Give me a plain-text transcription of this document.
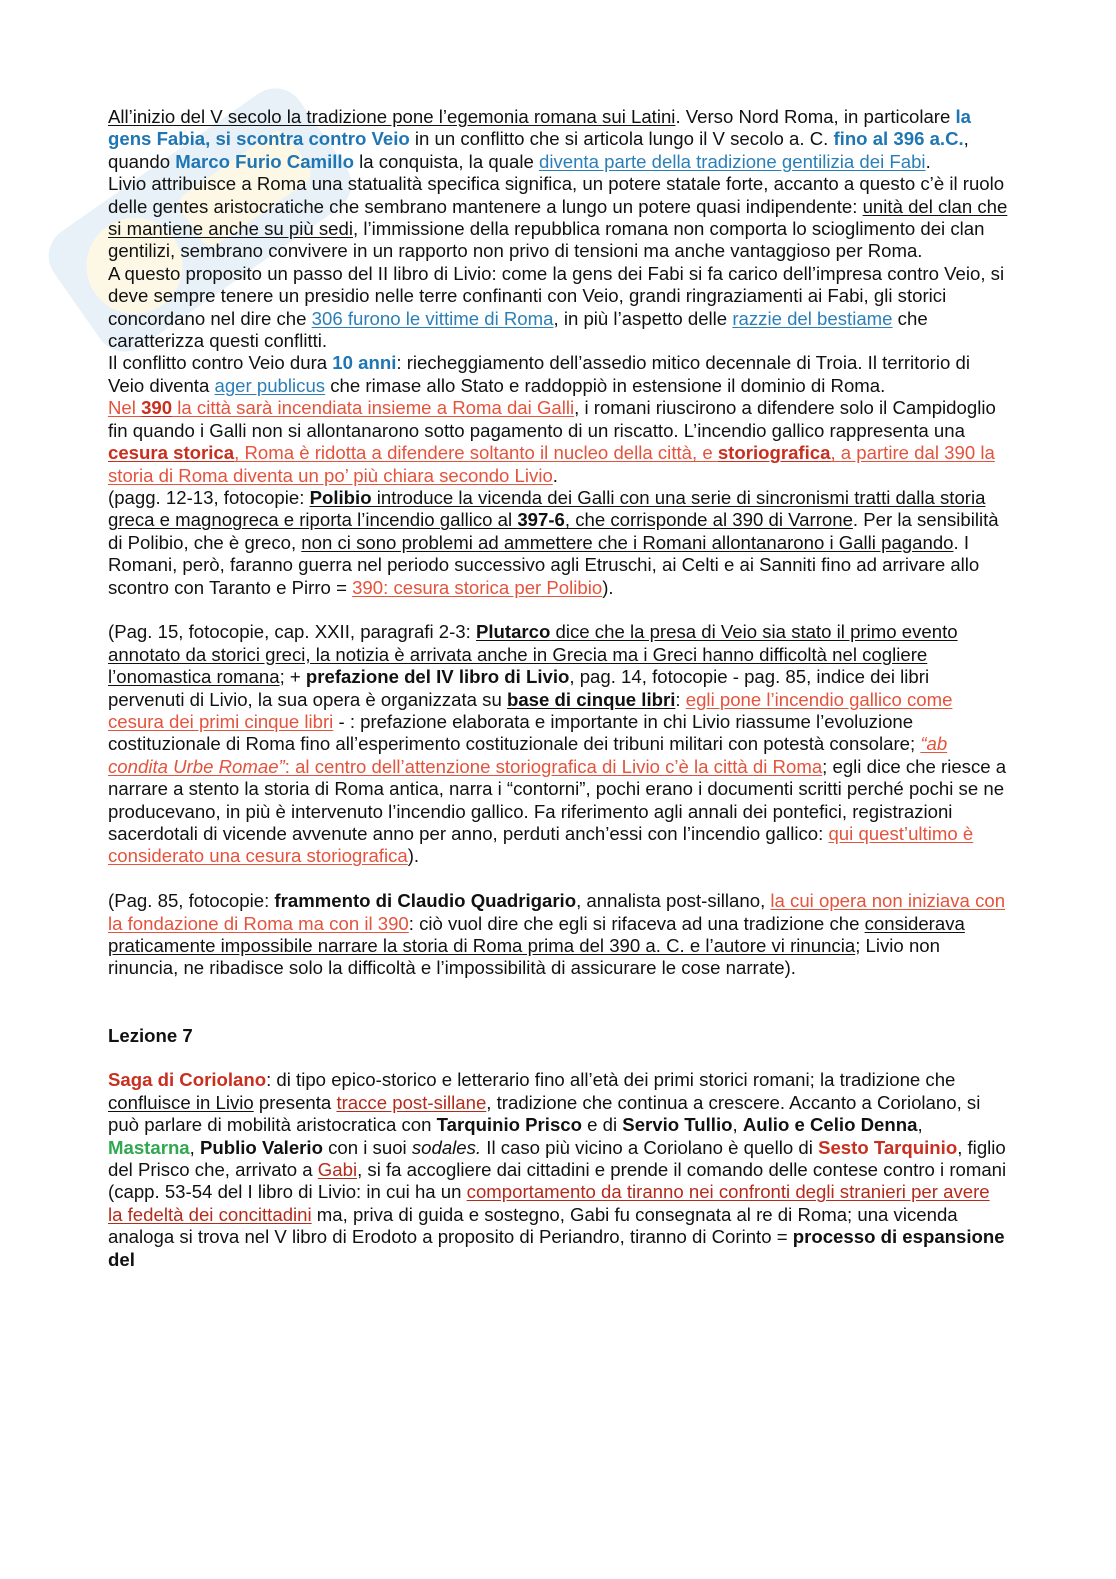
All’inizio del V secolo la tradizione pone l’egemonia romana sui Latini. Verso Nord Roma, in particolare la gens Fabia, si scontra contro Veio in un conflitto che si articola lungo il V secolo a. C. fino al 396 a.C., quando Marco Furio Camillo la conquista, la quale diventa parte della tradizione gentilizia dei Fabi.
Livio attribuisce a Roma una statualità specifica significa, un potere statale forte, accanto a questo c’è il ruolo delle gentes aristocratiche che sembrano mantenere a lungo un potere quasi indipendente: unità del clan che si mantiene anche su più sedi, l’immissione della repubblica romana non comporta lo scioglimento dei clan gentilizi, sembrano convivere in un rapporto non privo di tensioni ma anche vantaggioso per Roma.
A questo proposito un passo del II libro di Livio: come la gens dei Fabi si fa carico dell’impresa contro Veio, si deve sempre tenere un presidio nelle terre confinanti con Veio, grandi ringraziamenti ai Fabi, gli storici concordano nel dire che 306 furono le vittime di Roma, in più l’aspetto delle razzie del bestiame che caratterizza questi conflitti.
Il conflitto contro Veio dura 10 anni: riecheggiamento dell’assedio mitico decennale di Troia. Il territorio di Veio diventa ager publicus che rimase allo Stato e raddoppiò in estensione il dominio di Roma.
Nel 390 la città sarà incendiata insieme a Roma dai Galli, i romani riuscirono a difendere solo il Campidoglio fin quando i Galli non si allontanarono sotto pagamento di un riscatto. L’incendio gallico rappresenta una cesura storica, Roma è ridotta a difendere soltanto il nucleo della città, e storiografica, a partire dal 390 la storia di Roma diventa un po’ più chiara secondo Livio.
(pagg. 12-13, fotocopie: Polibio introduce la vicenda dei Galli con una serie di sincronismi tratti dalla storia greca e magnogreca e riporta l’incendio gallico al 397-6, che corrisponde al 390 di Varrone. Per la sensibilità di Polibio, che è greco, non ci sono problemi ad ammettere che i Romani allontanarono i Galli pagando. I Romani, però, faranno guerra nel periodo successivo agli Etruschi, ai Celti e ai Sanniti fino ad arrivare allo scontro con Taranto e Pirro = 390: cesura storica per Polibio).

(Pag. 15, fotocopie, cap. XXII, paragrafi 2-3: Plutarco dice che la presa di Veio sia stato il primo evento annotato da storici greci, la notizia è arrivata anche in Grecia ma i Greci hanno difficoltà nel cogliere l’onomastica romana; + prefazione del IV libro di Livio, pag. 14, fotocopie - pag. 85, indice dei libri pervenuti di Livio, la sua opera è organizzata su base di cinque libri: egli pone l’incendio gallico come cesura dei primi cinque libri - : prefazione elaborata e importante in chi Livio riassume l’evoluzione costituzionale di Roma fino all’esperimento costituzionale dei tribuni militari con potestà consolare; “ab condita Urbe Romae”: al centro dell’attenzione storiografica di Livio c’è la città di Roma; egli dice che riesce a narrare a stento la storia di Roma antica, narra i “contorni”, pochi erano i documenti scritti perché pochi se ne producevano, in più è intervenuto l’incendio gallico. Fa riferimento agli annali dei pontefici, registrazioni sacerdotali di vicende avvenute anno per anno, perduti anch’essi con l’incendio gallico: qui quest’ultimo è considerato una cesura storiografica).

(Pag. 85, fotocopie: frammento di Claudio Quadrigario, annalista post-sillano, la cui opera non iniziava con la fondazione di Roma ma con il 390: ciò vuol dire che egli si rifaceva ad una tradizione che considerava praticamente impossibile narrare la storia di Roma prima del 390 a. C. e l’autore vi rinuncia; Livio non rinuncia, ne ribadisce solo la difficoltà e l’impossibilità di assicurare le cose narrate).

Lezione 7

Saga di Coriolano: di tipo epico-storico e letterario fino all’età dei primi storici romani; la tradizione che confluisce in Livio presenta tracce post-sillane, tradizione che continua a crescere. Accanto a Coriolano, si può parlare di mobilità aristocratica con Tarquinio Prisco e di Servio Tullio, Aulio e Celio Denna, Mastarna, Publio Valerio con i suoi sodales. Il caso più vicino a Coriolano è quello di Sesto Tarquinio, figlio del Prisco che, arrivato a Gabi, si fa accogliere dai cittadini e prende il comando delle contese contro i romani (capp. 53-54 del I libro di Livio: in cui ha un comportamento da tiranno nei confronti degli stranieri per avere la fedeltà dei concittadini ma, priva di guida e sostegno, Gabi fu consegnata al re di Roma; una vicenda analoga si trova nel V libro di Erodoto a proposito di Periandro, tiranno di Corinto = processo di espansione del
